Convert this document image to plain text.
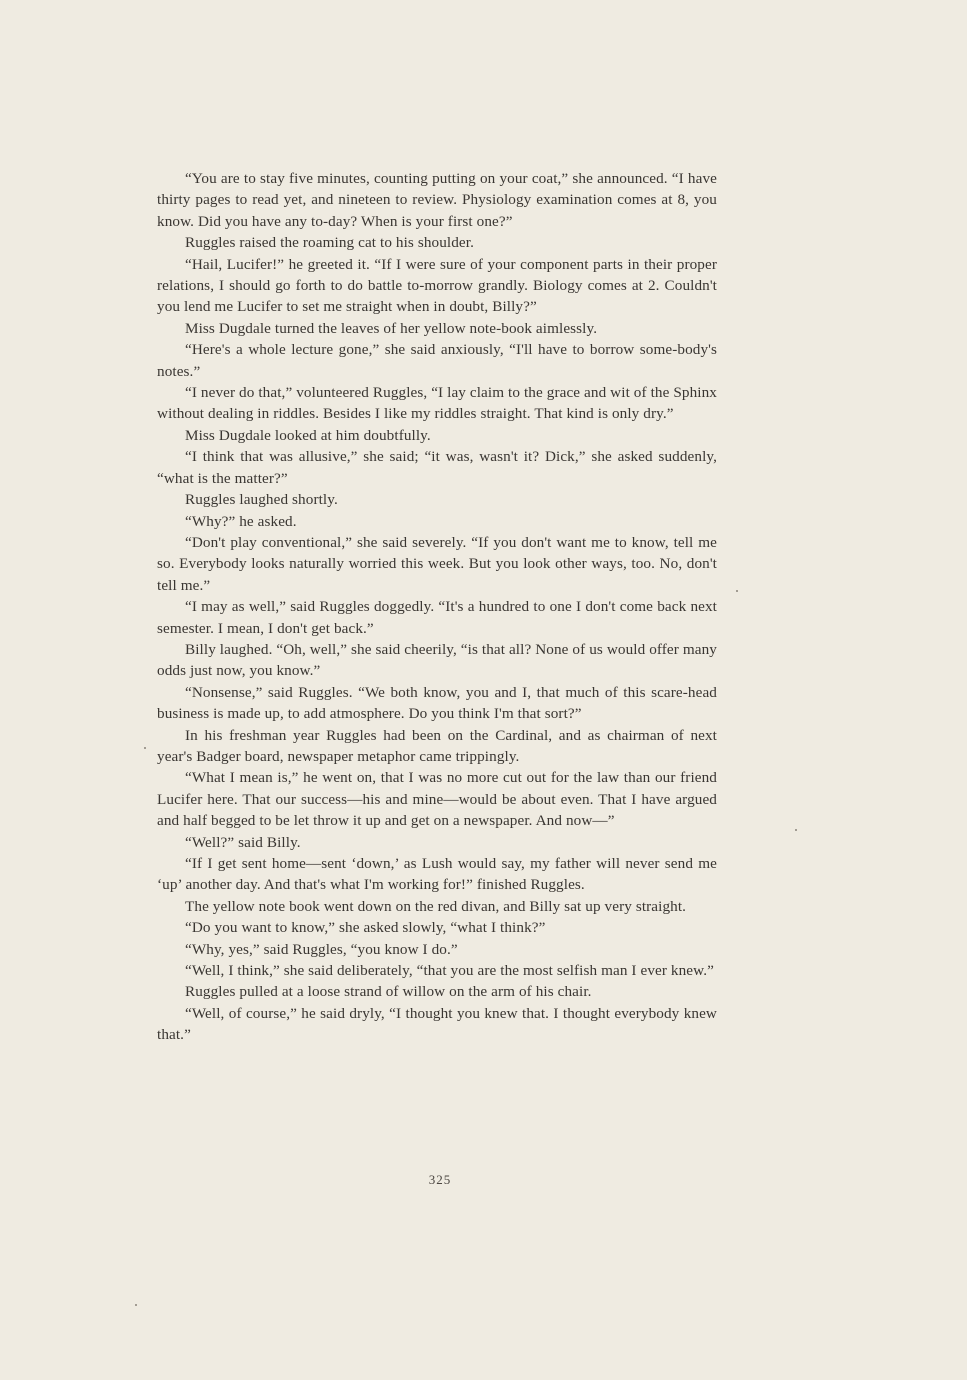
“You are to stay five minutes, counting putting on your coat,” she announced. “I have thirty pages to read yet, and nineteen to review. Physiology examination comes at 8, you know. Did you have any to-day? When is your first one?”

Ruggles raised the roaming cat to his shoulder.

“Hail, Lucifer!” he greeted it. “If I were sure of your component parts in their proper relations, I should go forth to do battle to-morrow grandly. Biology comes at 2. Couldn't you lend me Lucifer to set me straight when in doubt, Billy?”

Miss Dugdale turned the leaves of her yellow note-book aimlessly.

“Here's a whole lecture gone,” she said anxiously, “I'll have to borrow some-body's notes.”

“I never do that,” volunteered Ruggles, “I lay claim to the grace and wit of the Sphinx without dealing in riddles. Besides I like my riddles straight. That kind is only dry.”

Miss Dugdale looked at him doubtfully.

“I think that was allusive,” she said; “it was, wasn't it? Dick,” she asked suddenly, “what is the matter?”

Ruggles laughed shortly.

“Why?” he asked.

“Don't play conventional,” she said severely. “If you don't want me to know, tell me so. Everybody looks naturally worried this week. But you look other ways, too. No, don't tell me.”

“I may as well,” said Ruggles doggedly. “It's a hundred to one I don't come back next semester. I mean, I don't get back.”

Billy laughed. “Oh, well,” she said cheerily, “is that all? None of us would offer many odds just now, you know.”

“Nonsense,” said Ruggles. “We both know, you and I, that much of this scare-head business is made up, to add atmosphere. Do you think I'm that sort?”

In his freshman year Ruggles had been on the Cardinal, and as chairman of next year's Badger board, newspaper metaphor came trippingly.

“What I mean is,” he went on, that I was no more cut out for the law than our friend Lucifer here. That our success—his and mine—would be about even. That I have argued and half begged to be let throw it up and get on a newspaper. And now—”

“Well?” said Billy.

“If I get sent home—sent ‘down,’ as Lush would say, my father will never send me ‘up’ another day. And that's what I'm working for!” finished Ruggles.

The yellow note book went down on the red divan, and Billy sat up very straight.

“Do you want to know,” she asked slowly, “what I think?”

“Why, yes,” said Ruggles, “you know I do.”

“Well, I think,” she said deliberately, “that you are the most selfish man I ever knew.”

Ruggles pulled at a loose strand of willow on the arm of his chair.

“Well, of course,” he said dryly, “I thought you knew that. I thought everybody knew that.”

325
